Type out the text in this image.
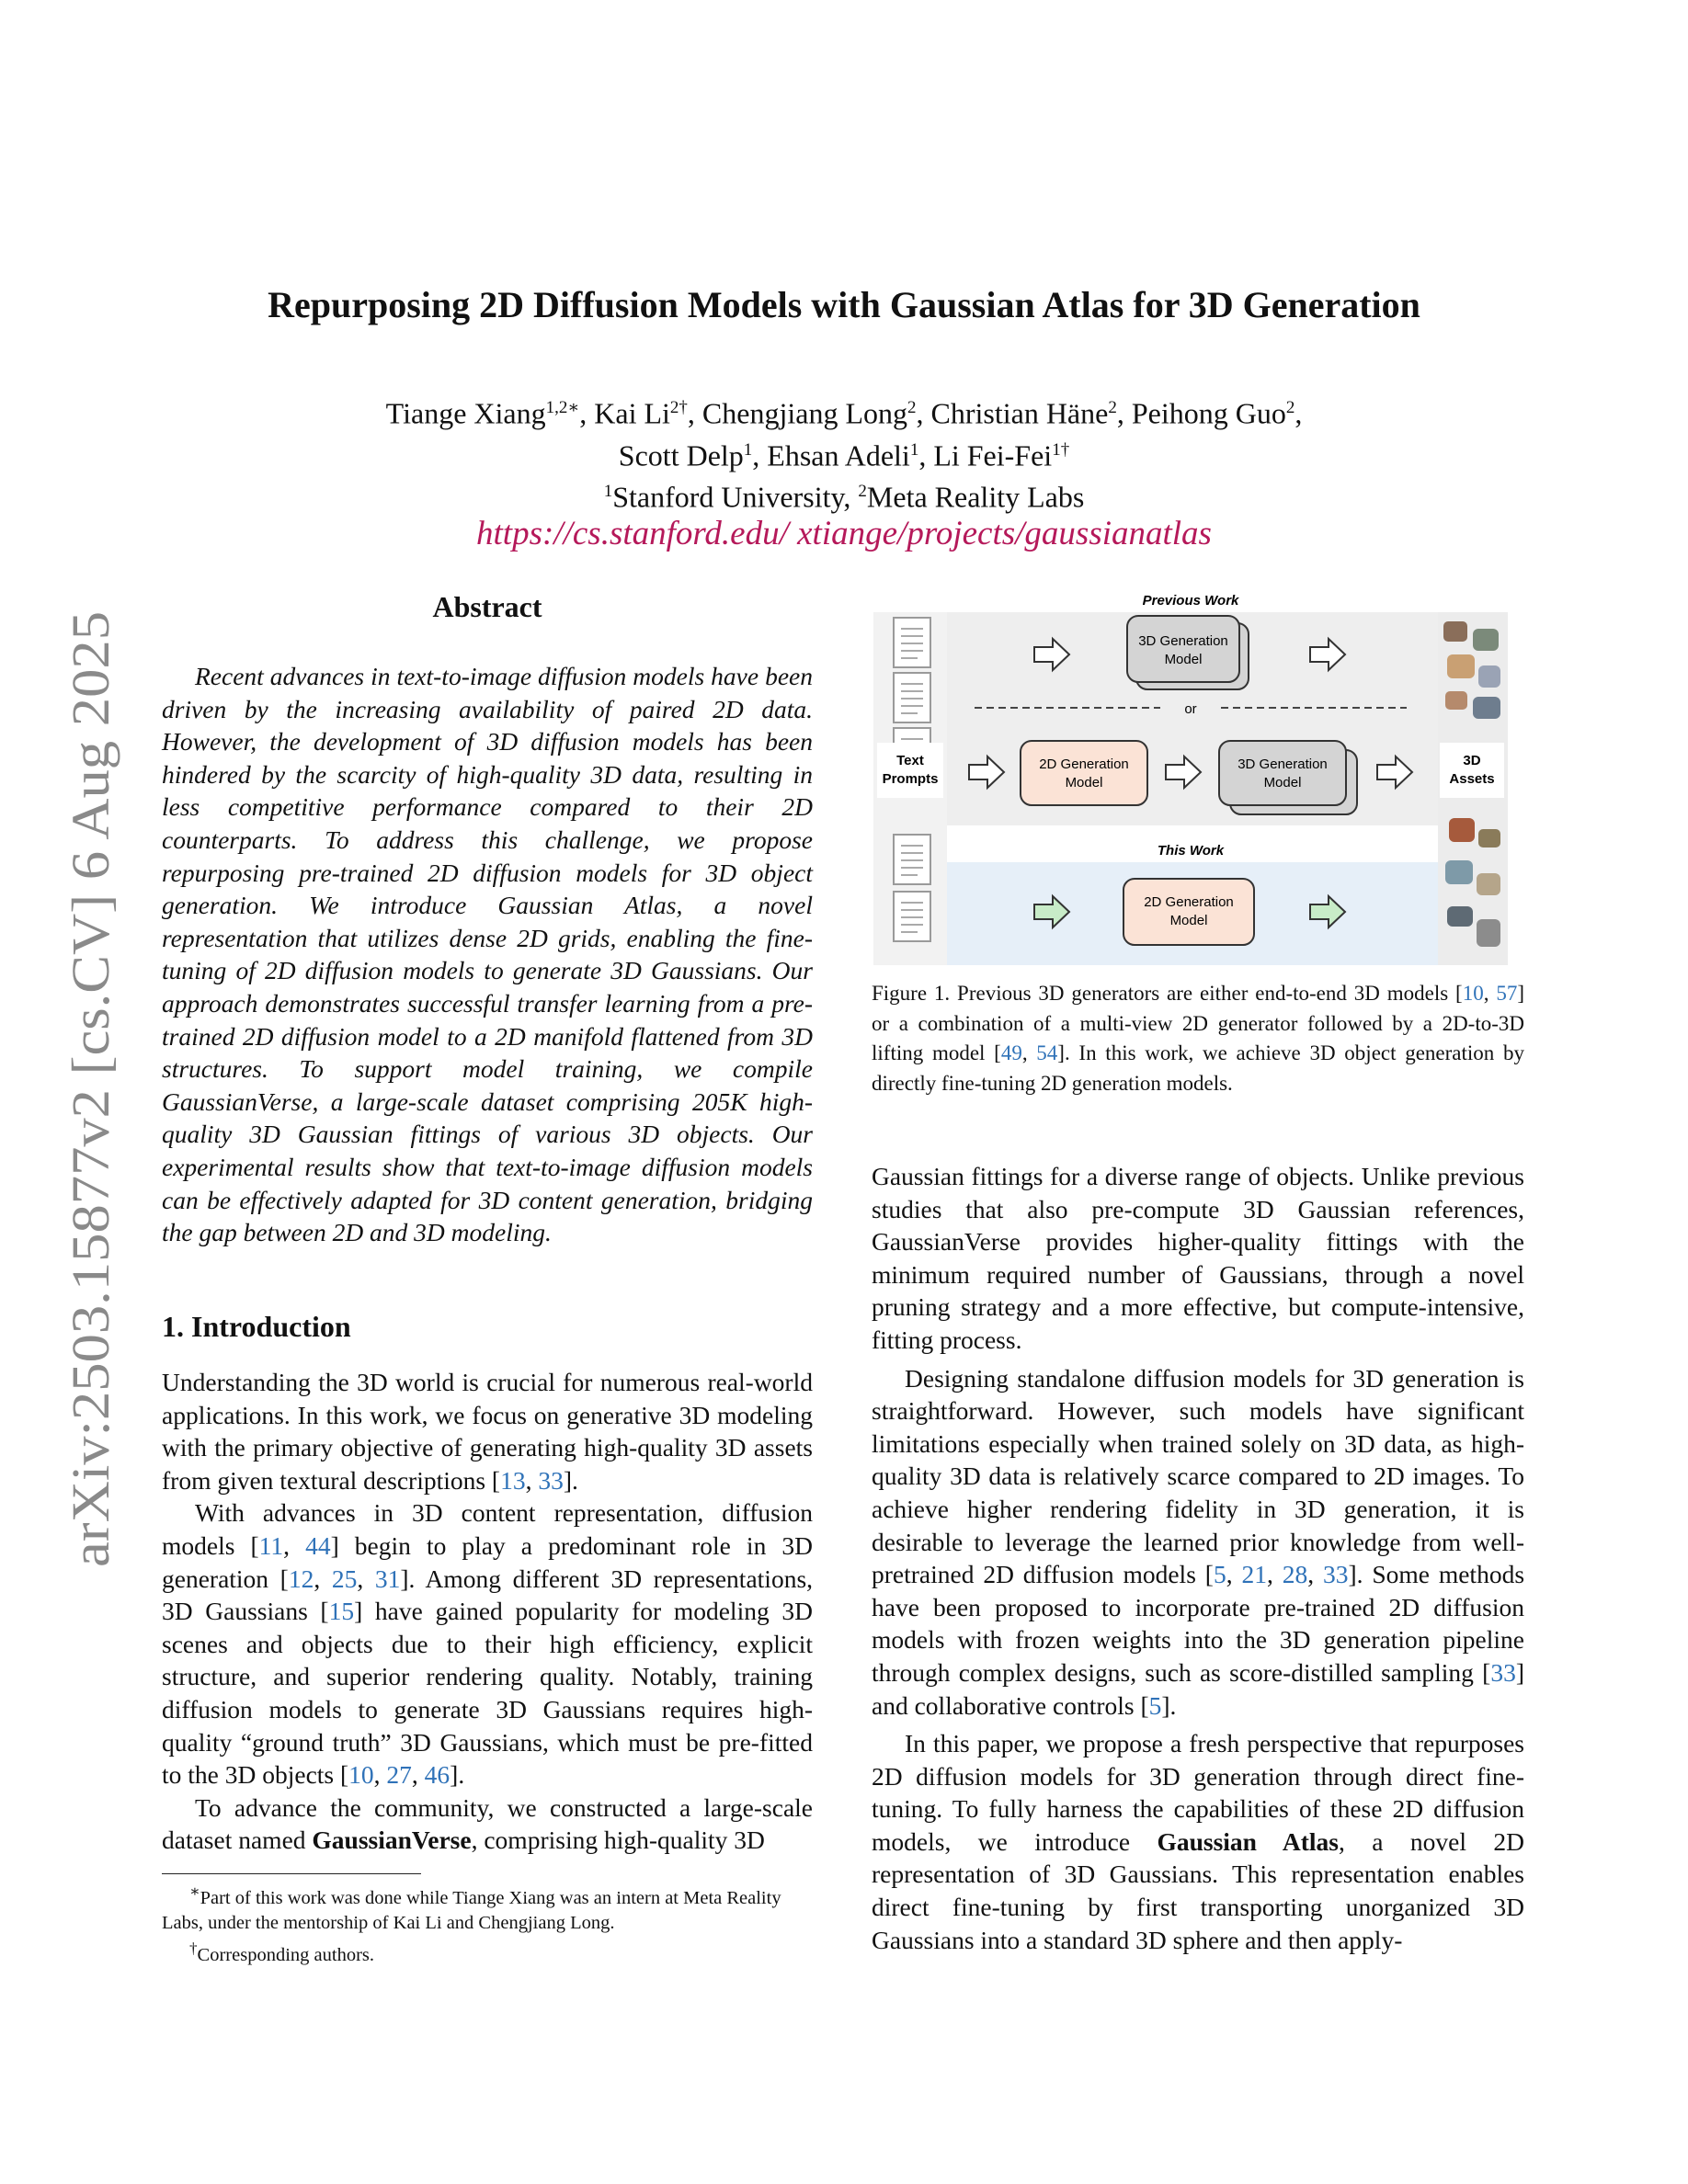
arXiv:2503.15877v2 [cs.CV] 6 Aug 2025
Repurposing 2D Diffusion Models with Gaussian Atlas for 3D Generation
Tiange Xiang$^{1,2∗}$, Kai $Li^{2\dagger}$, Chengjiang Long$^2$, Christian Häne$^2$, Peihong Guo$^2$,
Scott Delp$^1$, Ehsan Adeli$^1$, Li Fei-Fei$^{1\dagger}$
$^1$Stanford University, $^2$Meta Reality Labs
https://cs.stanford.edu/ xtiange/projects/gaussianatlas
Abstract

Recent advances in text-to-image diffusion models have been driven by the increasing availability of paired 2D data. However, the development of 3D diffusion models has been hindered by the scarcity of high-quality 3D data, resulting in less competitive performance compared to their 2D counterparts. To address this challenge, we propose repurposing pre-trained 2D diffusion models for 3D object generation. We introduce Gaussian Atlas, a novel representation that utilizes dense 2D grids, enabling the fine-tuning of 2D diffusion models to generate 3D Gaussians. Our approach demonstrates successful transfer learning from a pre-trained 2D diffusion model to a 2D manifold flattened from 3D structures. To support model training, we compile GaussianVerse, a large-scale dataset comprising 205K high-quality 3D Gaussian fittings of various 3D objects. Our experimental results show that text-to-image diffusion models can be effectively adapted for 3D content generation, bridging the gap between 2D and 3D modeling.

1. Introduction

Understanding the 3D world is crucial for numerous real-world applications. In this work, we focus on generative 3D modeling with the primary objective of generating high-quality 3D assets from given textural descriptions [13, 33].

With advances in 3D content representation, diffusion models [11, 44] begin to play a predominant role in 3D generation [12, 25, 31]. Among different 3D representations, 3D Gaussians [15] have gained popularity for modeling 3D scenes and objects due to their high efficiency, explicit structure, and superior rendering quality. Notably, training diffusion models to generate 3D Gaussians requires high-quality “ground truth” 3D Gaussians, which must be pre-fitted to the 3D objects [10, 27, 46].

To advance the community, we constructed a large-scale dataset named GaussianVerse, comprising high-quality 3D

∗Part of this work was done while Tiange Xiang was an intern at Meta Reality Labs, under the mentorship of Kai Li and Chengjiang Long.

†Corresponding authors.

Previous Work
This Work
or
Text
Prompts
3D
Assets
3D Generation
Model
2D Generation
Model
3D Generation
Model
2D Generation
Model
Figure 1. Previous 3D generators are either end-to-end 3D models [10, 57] or a combination of a multi-view 2D generator followed by a 2D-to-3D lifting model [49, 54]. In this work, we achieve 3D object generation by directly fine-tuning 2D generation models.

Gaussian fittings for a diverse range of objects. Unlike previous studies that also pre-compute 3D Gaussian references, GaussianVerse provides higher-quality fittings with the minimum required number of Gaussians, through a novel pruning strategy and a more effective, but compute-intensive, fitting process.

Designing standalone diffusion models for 3D generation is straightforward. However, such models have significant limitations especially when trained solely on 3D data, as high-quality 3D data is relatively scarce compared to 2D images. To achieve higher rendering fidelity in 3D generation, it is desirable to leverage the learned prior knowledge from well-pretrained 2D diffusion models [5, 21, 28, 33]. Some methods have been proposed to incorporate pre-trained 2D diffusion models with frozen weights into the 3D generation pipeline through complex designs, such as score-distilled sampling [33] and collaborative controls [5].

In this paper, we propose a fresh perspective that repurposes 2D diffusion models for 3D generation through direct fine-tuning. To fully harness the capabilities of these 2D diffusion models, we introduce Gaussian Atlas, a novel 2D representation of 3D Gaussians. This representation enables direct fine-tuning by first transporting unorganized 3D Gaussians into a standard 3D sphere and then apply-
